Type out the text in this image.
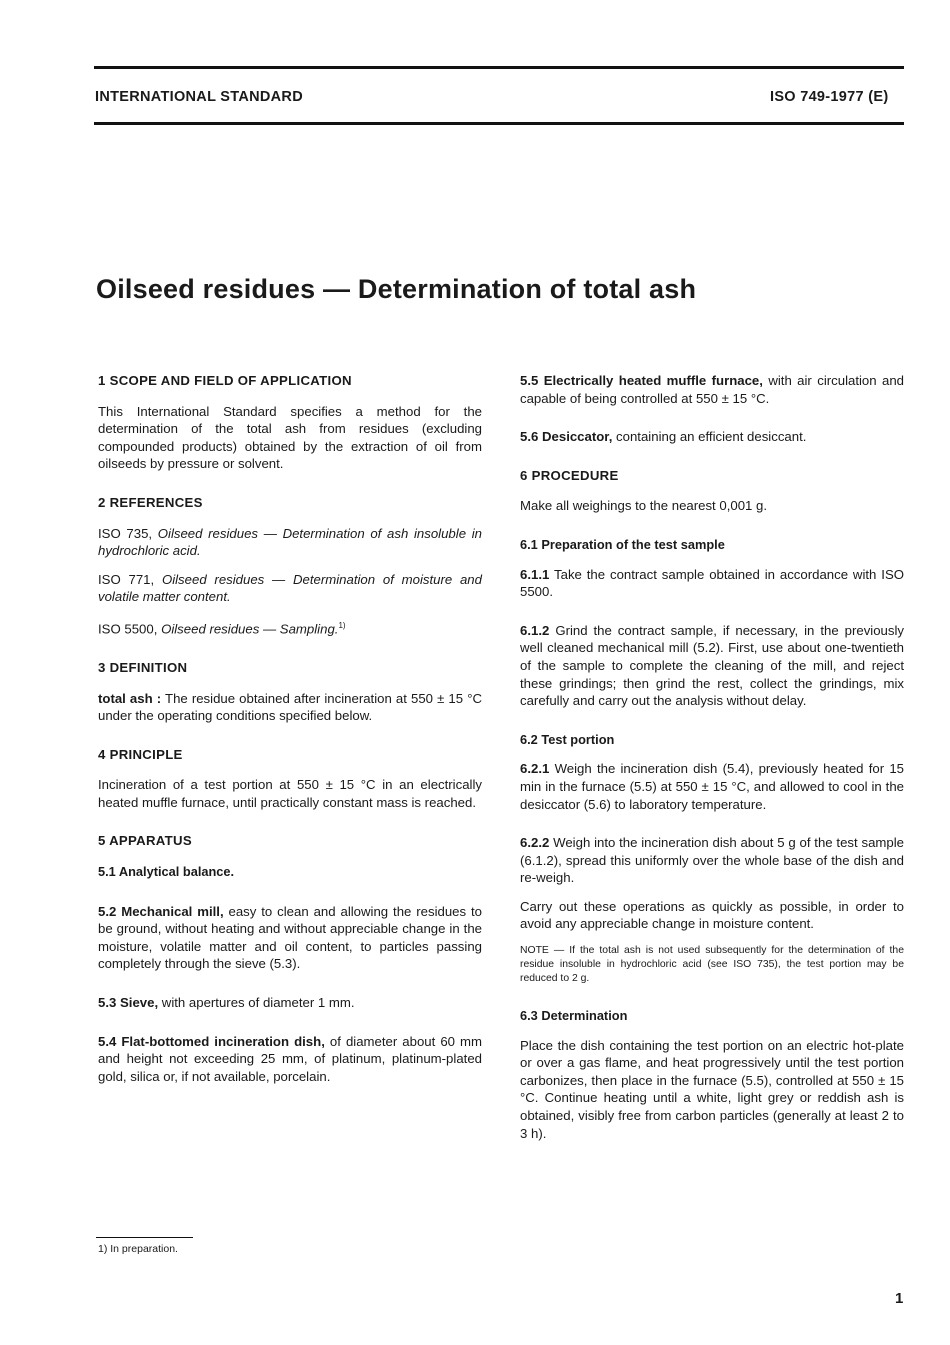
INTERNATIONAL STANDARD	ISO 749-1977 (E)
Oilseed residues — Determination of total ash
1 SCOPE AND FIELD OF APPLICATION

This International Standard specifies a method for the determination of the total ash from residues (excluding compounded products) obtained by the extraction of oil from oilseeds by pressure or solvent.

2 REFERENCES

ISO 735, Oilseed residues — Determination of ash insoluble in hydrochloric acid.

ISO 771, Oilseed residues — Determination of moisture and volatile matter content.

ISO 5500, Oilseed residues — Sampling.$^{1)}$

3 DEFINITION

total ash : The residue obtained after incineration at 550 ± 15 °C under the operating conditions specified below.

4 PRINCIPLE

Incineration of a test portion at 550 ± 15 °C in an electrically heated muffle furnace, until practically constant mass is reached.

5 APPARATUS
5.1 Analytical balance.

5.2 Mechanical mill, easy to clean and allowing the residues to be ground, without heating and without appreciable change in the moisture, volatile matter and oil content, to particles passing completely through the sieve (5.3).

5.3 Sieve, with apertures of diameter 1 mm.

5.4 Flat-bottomed incineration dish, of diameter about 60 mm and height not exceeding 25 mm, of platinum, platinum-plated gold, silica or, if not available, porcelain.

5.5 Electrically heated muffle furnace, with air circulation and capable of being controlled at 550 ± 15 °C.

5.6 Desiccator, containing an efficient desiccant.

6 PROCEDURE

Make all weighings to the nearest 0,001 g.

6.1 Preparation of the test sample

6.1.1 Take the contract sample obtained in accordance with ISO 5500.

6.1.2 Grind the contract sample, if necessary, in the previously well cleaned mechanical mill (5.2). First, use about one-twentieth of the sample to complete the cleaning of the mill, and reject these grindings; then grind the rest, collect the grindings, mix carefully and carry out the analysis without delay.

6.2 Test portion

6.2.1 Weigh the incineration dish (5.4), previously heated for 15 min in the furnace (5.5) at 550 ± 15 °C, and allowed to cool in the desiccator (5.6) to laboratory temperature.

6.2.2 Weigh into the incineration dish about 5 g of the test sample (6.1.2), spread this uniformly over the whole base of the dish and re-weigh.

Carry out these operations as quickly as possible, in order to avoid any appreciable change in moisture content.

NOTE — If the total ash is not used subsequently for the determination of the residue insoluble in hydrochloric acid (see ISO 735), the test portion may be reduced to 2 g.

6.3 Determination

Place the dish containing the test portion on an electric hot-plate or over a gas flame, and heat progressively until the test portion carbonizes, then place in the furnace (5.5), controlled at 550 ± 15 °C. Continue heating until a white, light grey or reddish ash is obtained, visibly free from carbon particles (generally at least 2 to 3 h).

1) In preparation.
1
